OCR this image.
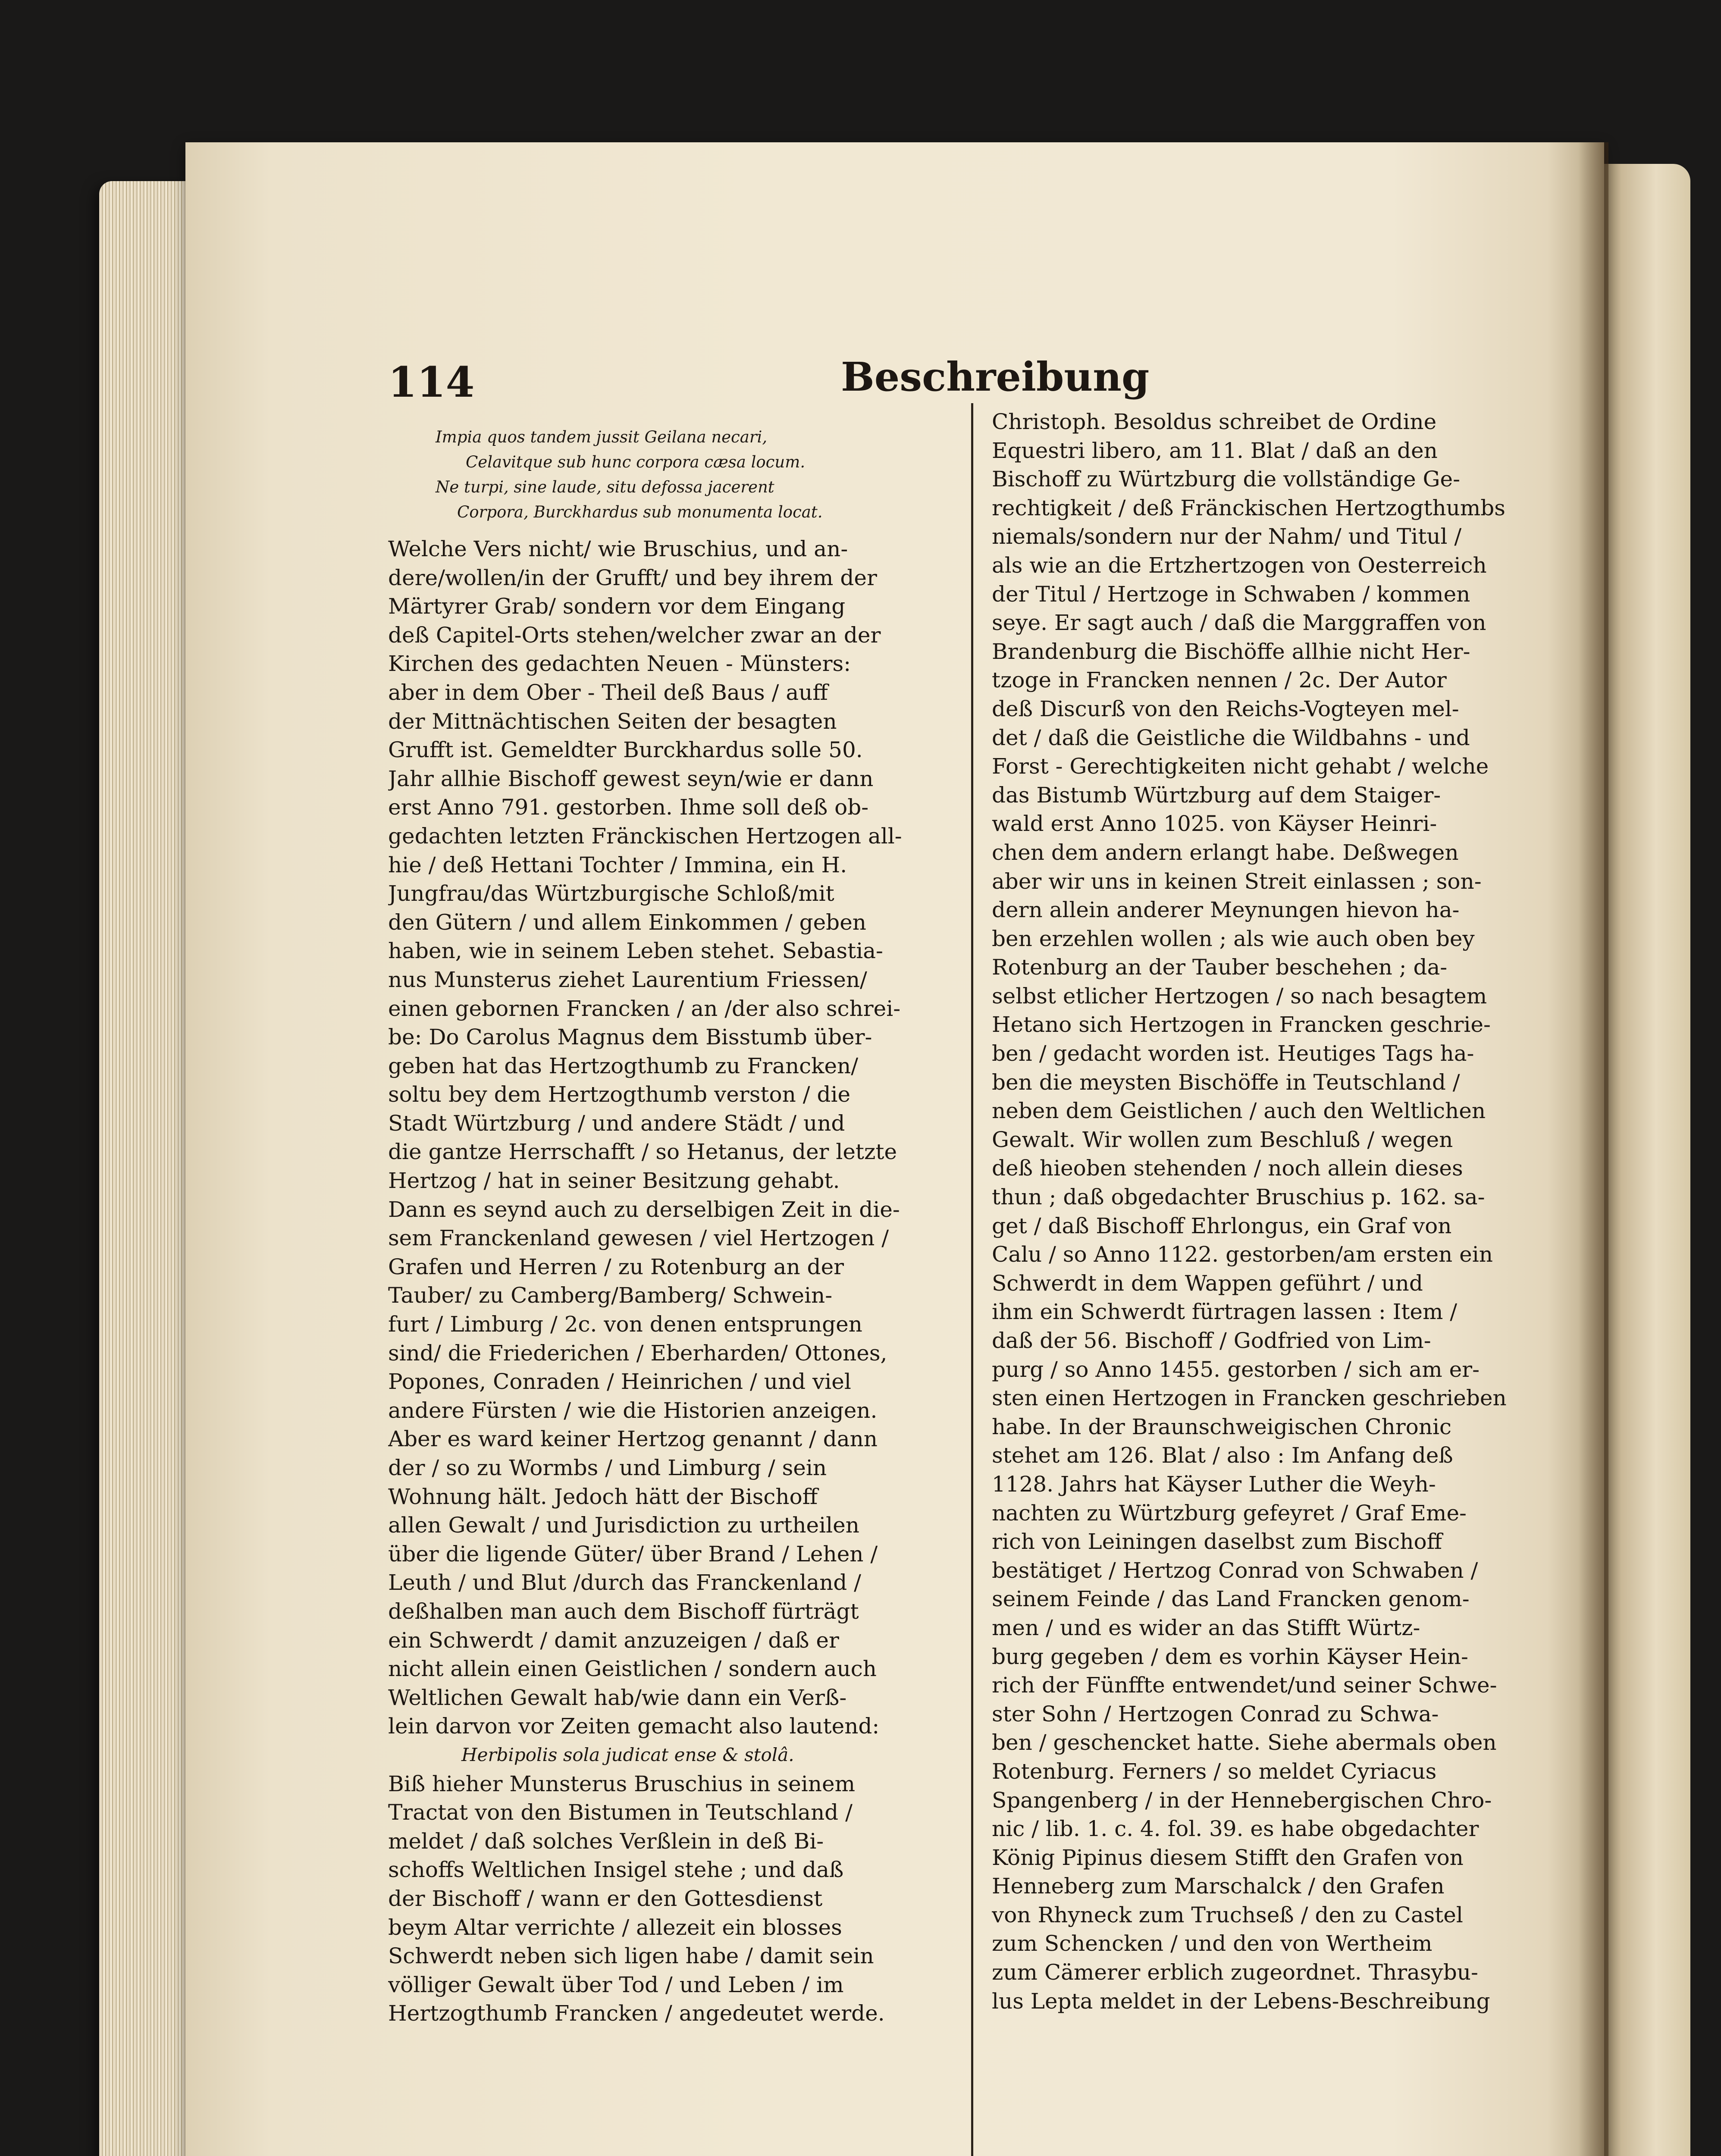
114	Beschreibung
Impia quos tandem jussit Geilana necari,
Celavitque sub hunc corpora cæsa locum.
Ne turpi, sine laude, situ defossa jacerent
Corpora, Burckhardus sub monumenta locat.
Welche Vers nicht/ wie Bruschius, und an-
dere/wollen/in der Grufft/ und bey ihrem der
Märtyrer Grab/ sondern vor dem Eingang
deß Capitel-Orts stehen/welcher zwar an der
Kirchen des gedachten Neuen - Münsters:
aber in dem Ober - Theil deß Baus / auff
der Mittnächtischen Seiten der besagten
Grufft ist. Gemeldter Burckhardus solle 50.
Jahr allhie Bischoff gewest seyn/wie er dann
erst Anno 791. gestorben. Ihme soll deß ob-
gedachten letzten Fränckischen Hertzogen all-
hie / deß Hettani Tochter / Immina, ein H.
Jungfrau/das Würtzburgische Schloß/mit
den Gütern / und allem Einkommen / geben
haben, wie in seinem Leben stehet. Sebastia-
nus Munsterus ziehet Laurentium Friessen/
einen gebornen Francken / an /der also schrei-
be: Do Carolus Magnus dem Bisstumb über-
geben hat das Hertzogthumb zu Francken/
soltu bey dem Hertzogthumb verston / die
Stadt Würtzburg / und andere Städt / und
die gantze Herrschafft / so Hetanus, der letzte
Hertzog / hat in seiner Besitzung gehabt.
Dann es seynd auch zu derselbigen Zeit in die-
sem Franckenland gewesen / viel Hertzogen /
Grafen und Herren / zu Rotenburg an der
Tauber/ zu Camberg/Bamberg/ Schwein-
furt / Limburg / 2c. von denen entsprungen
sind/ die Friederichen / Eberharden/ Ottones,
Popones, Conraden / Heinrichen / und viel
andere Fürsten / wie die Historien anzeigen.
Aber es ward keiner Hertzog genannt / dann
der / so zu Wormbs / und Limburg / sein
Wohnung hält. Jedoch hätt der Bischoff
allen Gewalt / und Jurisdiction zu urtheilen
über die ligende Güter/ über Brand / Lehen /
Leuth / und Blut /durch das Franckenland /
deßhalben man auch dem Bischoff fürträgt
ein Schwerdt / damit anzuzeigen / daß er
nicht allein einen Geistlichen / sondern auch
Weltlichen Gewalt hab/wie dann ein Verß-
lein darvon vor Zeiten gemacht also lautend:
Herbipolis sola judicat ense & stolâ.
Biß hieher Munsterus Bruschius in seinem
Tractat von den Bistumen in Teutschland /
meldet / daß solches Verßlein in deß Bi-
schoffs Weltlichen Insigel stehe ; und daß
der Bischoff / wann er den Gottesdienst
beym Altar verrichte / allezeit ein blosses
Schwerdt neben sich ligen habe / damit sein
völliger Gewalt über Tod / und Leben / im
Hertzogthumb Francken / angedeutet werde.
Christoph. Besoldus schreibet de Ordine
Equestri libero, am 11. Blat / daß an den
Bischoff zu Würtzburg die vollständige Ge-
rechtigkeit / deß Fränckischen Hertzogthumbs
niemals/sondern nur der Nahm/ und Titul /
als wie an die Ertzhertzogen von Oesterreich
der Titul / Hertzoge in Schwaben / kommen
seye. Er sagt auch / daß die Marggraffen von
Brandenburg die Bischöffe allhie nicht Her-
tzoge in Francken nennen / 2c. Der Autor
deß Discurß von den Reichs-Vogteyen mel-
det / daß die Geistliche die Wildbahns - und
Forst - Gerechtigkeiten nicht gehabt / welche
das Bistumb Würtzburg auf dem Staiger-
wald erst Anno 1025. von Käyser Heinri-
chen dem andern erlangt habe. Deßwegen
aber wir uns in keinen Streit einlassen ; son-
dern allein anderer Meynungen hievon ha-
ben erzehlen wollen ; als wie auch oben bey
Rotenburg an der Tauber beschehen ; da-
selbst etlicher Hertzogen / so nach besagtem
Hetano sich Hertzogen in Francken geschrie-
ben / gedacht worden ist. Heutiges Tags ha-
ben die meysten Bischöffe in Teutschland /
neben dem Geistlichen / auch den Weltlichen
Gewalt. Wir wollen zum Beschluß / wegen
deß hieoben stehenden / noch allein dieses
thun ; daß obgedachter Bruschius p. 162. sa-
get / daß Bischoff Ehrlongus, ein Graf von
Calu / so Anno 1122. gestorben/am ersten ein
Schwerdt in dem Wappen geführt / und
ihm ein Schwerdt fürtragen lassen : Item /
daß der 56. Bischoff / Godfried von Lim-
purg / so Anno 1455. gestorben / sich am er-
sten einen Hertzogen in Francken geschrieben
habe. In der Braunschweigischen Chronic
stehet am 126. Blat / also : Im Anfang deß
1128. Jahrs hat Käyser Luther die Weyh-
nachten zu Würtzburg gefeyret / Graf Eme-
rich von Leiningen daselbst zum Bischoff
bestätiget / Hertzog Conrad von Schwaben /
seinem Feinde / das Land Francken genom-
men / und es wider an das Stifft Würtz-
burg gegeben / dem es vorhin Käyser Hein-
rich der Fünffte entwendet/und seiner Schwe-
ster Sohn / Hertzogen Conrad zu Schwa-
ben / geschencket hatte. Siehe abermals oben
Rotenburg. Ferners / so meldet Cyriacus
Spangenberg / in der Hennebergischen Chro-
nic / lib. 1. c. 4. fol. 39. es habe obgedachter
König Pipinus diesem Stifft den Grafen von
Henneberg zum Marschalck / den Grafen
von Rhyneck zum Truchseß / den zu Castel
zum Schencken / und den von Wertheim
zum Cämerer erblich zugeordnet. Thrasybu-
lus Lepta meldet in der Lebens-Beschreibung
